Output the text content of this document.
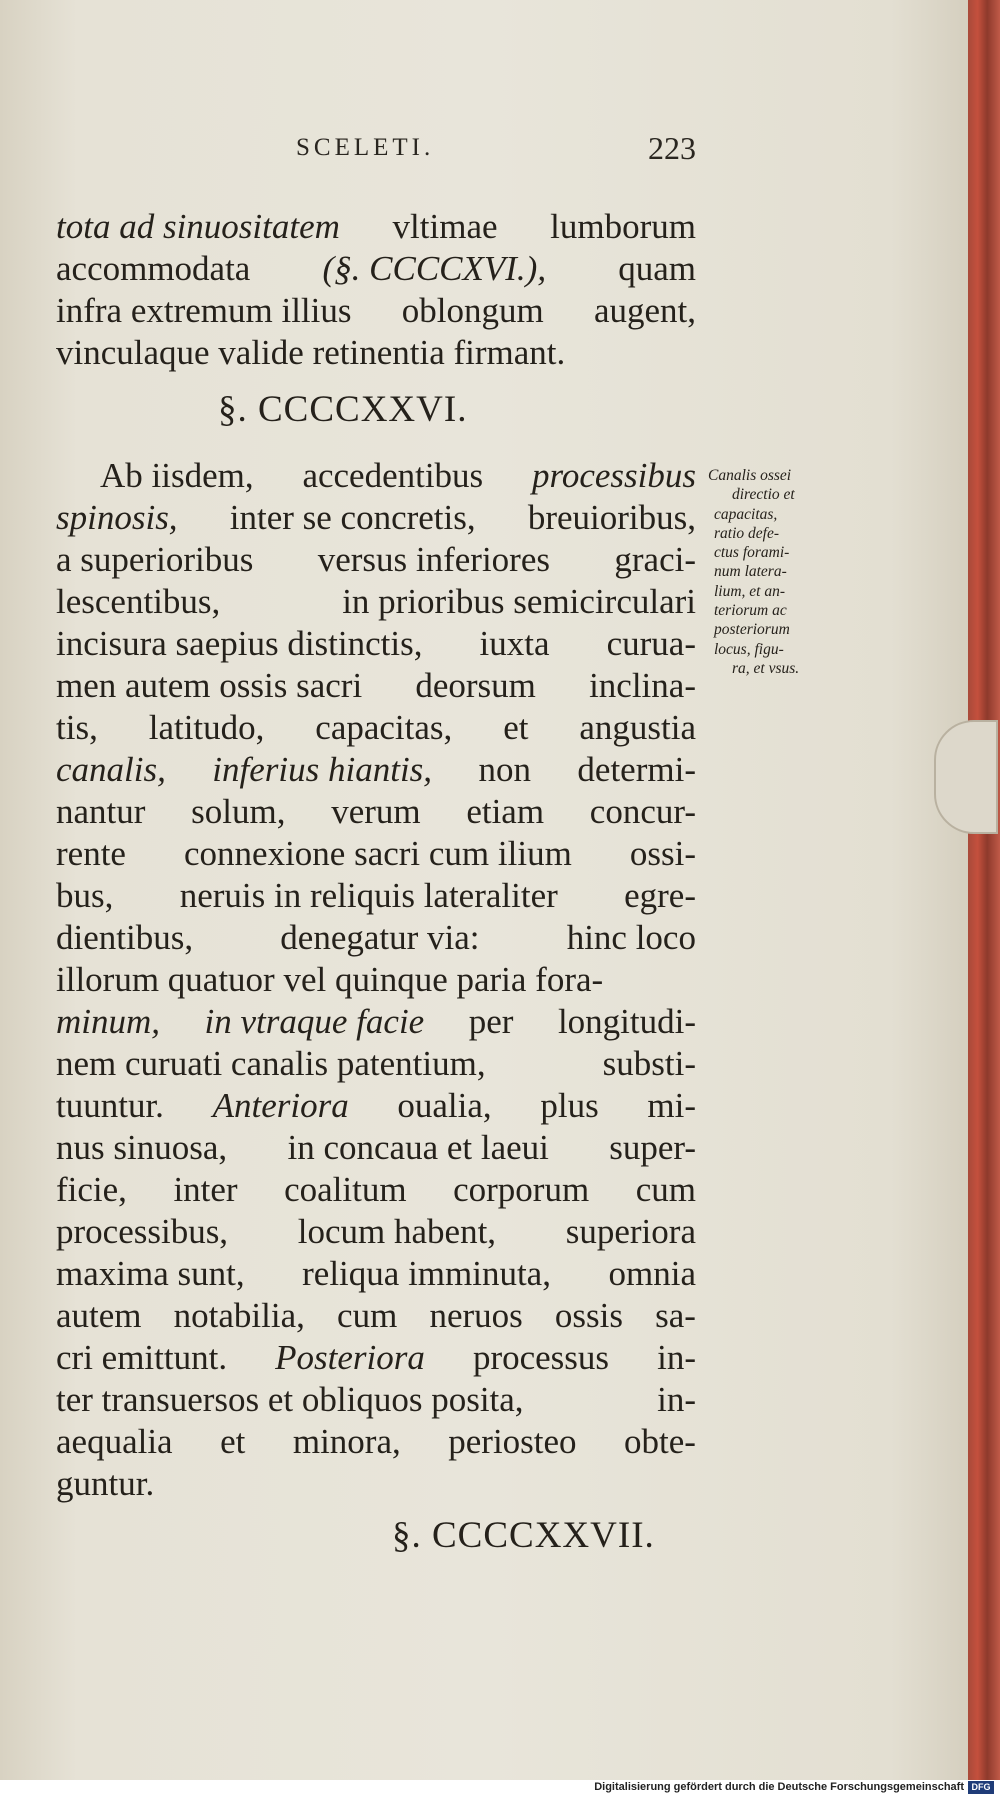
SCELETI.	223
tota ad sinuositatem vltimae lumborum
accommodata (§. CCCCXVI.), quam
infra extremum illius oblongum augent,
vinculaque valide retinentia firmant.
§. CCCCXXVI.
Ab iisdem, accedentibus processibus
spinosis, inter se concretis, breuioribus,
a superioribus versus inferiores graci-
lescentibus,	in prioribus semicirculari
incisura saepius distinctis, iuxta curua-
men autem ossis sacri deorsum inclina-
tis, latitudo, capacitas, et angustia
canalis, inferius hiantis, non determi-
nantur solum, verum etiam concur-
rente connexione sacri cum ilium ossi-
bus, neruis in reliquis lateraliter egre-
dientibus, denegatur via: hinc loco
illorum quatuor vel quinque paria fora-
minum, in vtraque facie per longitudi-
nem curuati canalis patentium,	substi-
tuuntur. Anteriora oualia, plus mi-
nus sinuosa, in concaua et laeui super-
ficie, inter coalitum corporum cum
processibus, locum habent, superiora
maxima sunt, reliqua imminuta, omnia
autem notabilia, cum neruos ossis sa-
cri emittunt. Posteriora processus in-
ter transuersos et obliquos posita,	in-
aequalia et minora, periosteo obte-
guntur.
§. CCCCXXVII.
Canalis ossei
directio et
capacitas,
ratio defe-
ctus forami-
num latera-
lium, et an-
teriorum ac
posteriorum
locus, figu-
ra, et vsus.
Digitalisierung gefördert durch die Deutsche Forschungsgemeinschaft DFG
